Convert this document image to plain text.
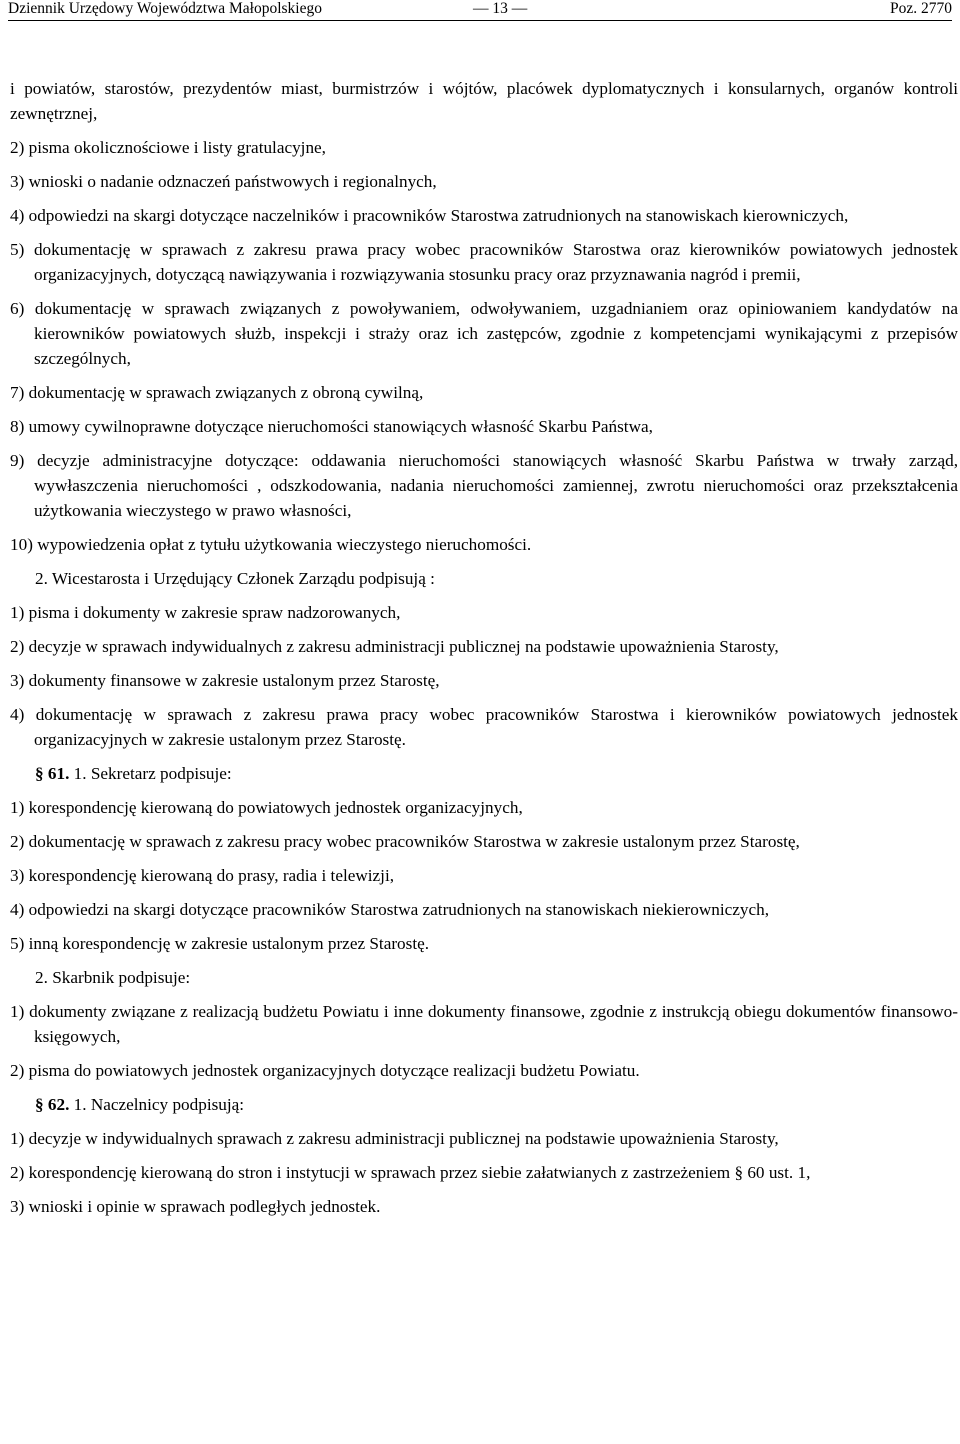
Dziennik Urzędowy Województwa Małopolskiego	— 13 —	Poz. 2770
i powiatów, starostów, prezydentów miast, burmistrzów i wójtów, placówek dyplomatycznych i konsularnych, organów kontroli zewnętrznej,
2) pisma okolicznościowe i listy gratulacyjne,
3) wnioski o nadanie odznaczeń państwowych i regionalnych,
4) odpowiedzi na skargi dotyczące naczelników i pracowników Starostwa zatrudnionych na stanowiskach kierowniczych,
5) dokumentację w sprawach z zakresu prawa pracy wobec pracowników Starostwa oraz kierowników powiatowych jednostek organizacyjnych, dotyczącą nawiązywania i rozwiązywania stosunku pracy oraz przyznawania nagród i premii,
6) dokumentację w sprawach związanych z powoływaniem, odwoływaniem, uzgadnianiem oraz opiniowaniem kandydatów na kierowników powiatowych służb, inspekcji i straży oraz ich zastępców, zgodnie z kompetencjami wynikającymi z przepisów szczególnych,
7) dokumentację w sprawach związanych z obroną cywilną,
8) umowy cywilnoprawne dotyczące nieruchomości stanowiących własność Skarbu Państwa,
9) decyzje administracyjne dotyczące: oddawania nieruchomości stanowiących własność Skarbu Państwa w trwały zarząd, wywłaszczenia nieruchomości , odszkodowania, nadania nieruchomości zamiennej, zwrotu nieruchomości oraz przekształcenia użytkowania wieczystego w prawo własności,
10) wypowiedzenia opłat z tytułu użytkowania wieczystego nieruchomości.
2. Wicestarosta i Urzędujący Członek Zarządu podpisują :
1) pisma i dokumenty w zakresie spraw nadzorowanych,
2) decyzje w sprawach indywidualnych z zakresu administracji publicznej na podstawie upoważnienia Starosty,
3) dokumenty finansowe w zakresie ustalonym przez Starostę,
4) dokumentację w sprawach z zakresu prawa pracy wobec pracowników Starostwa i kierowników powiatowych jednostek organizacyjnych w zakresie ustalonym przez Starostę.
§ 61. 1. Sekretarz podpisuje:
1) korespondencję kierowaną do powiatowych jednostek organizacyjnych,
2) dokumentację w sprawach z zakresu pracy wobec pracowników Starostwa w zakresie ustalonym przez Starostę,
3) korespondencję kierowaną do prasy, radia i telewizji,
4) odpowiedzi na skargi dotyczące pracowników Starostwa zatrudnionych na stanowiskach niekierowniczych,
5) inną korespondencję w zakresie ustalonym przez Starostę.
2. Skarbnik podpisuje:
1) dokumenty związane z realizacją budżetu Powiatu i inne dokumenty finansowe, zgodnie z instrukcją obiegu dokumentów finansowo-księgowych,
2) pisma do powiatowych jednostek organizacyjnych dotyczące realizacji budżetu Powiatu.
§ 62. 1. Naczelnicy podpisują:
1) decyzje w indywidualnych sprawach z zakresu administracji publicznej na podstawie upoważnienia Starosty,
2) korespondencję kierowaną do stron i instytucji w sprawach przez siebie załatwianych z zastrzeżeniem § 60 ust. 1,
3) wnioski i opinie w sprawach podległych jednostek.
